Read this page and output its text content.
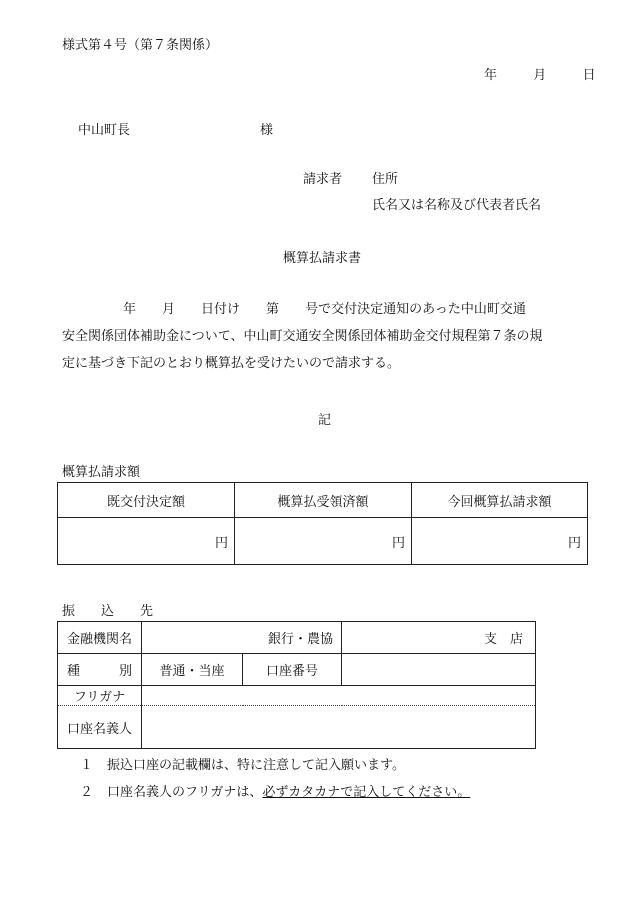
様式第４号（第７条関係）
年	月	日
中山町長	様
請求者 住所
氏名又は名称及び代表者氏名
概算払請求書
年 月 日付け 第 号で交付決定通知のあった中山町交通
安全関係団体補助金について、中山町交通安全関係団体補助金交付規程第７条の規
定に基づき下記のとおり概算払を受けたいので請求する。
記
概算払請求額
既交付決定額	概算払受領済額	今回概算払請求額
円	円	円
振　　込　　先
金融機関名	銀行・農協		支　店
種　　　別	普通・当座	口座番号	
フリガナ			
口座名義人			
１ 振込口座の記載欄は、特に注意して記入願います。
２ 口座名義人のフリガナは、必ずカタカナで記入してください。
